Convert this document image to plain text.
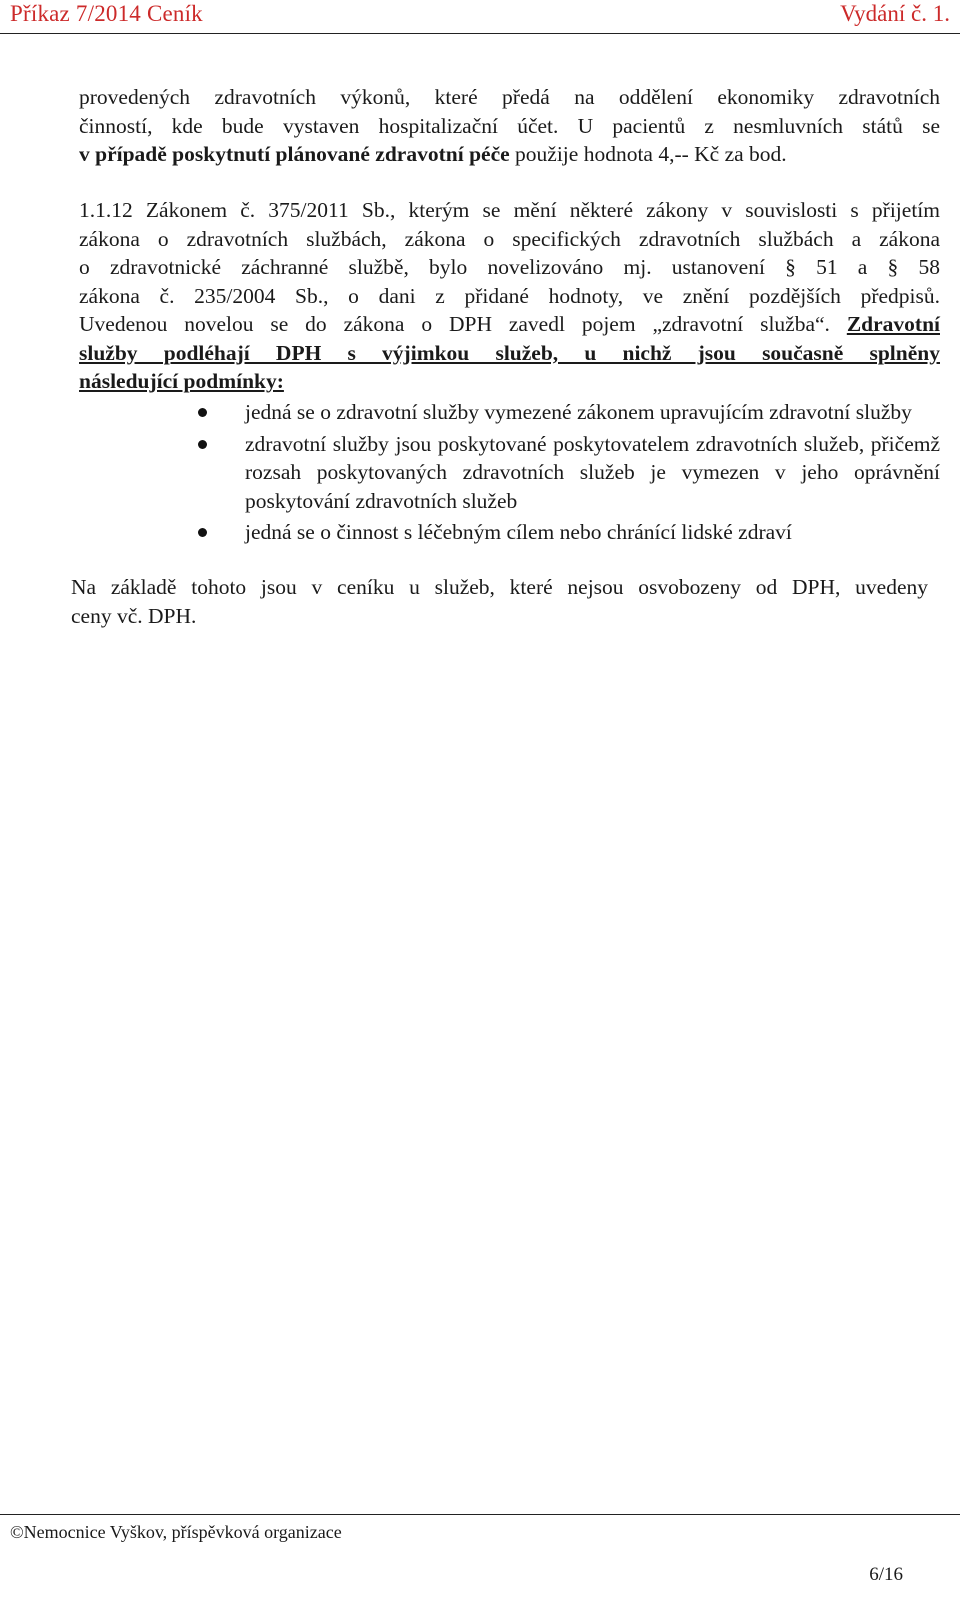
Příkaz 7/2014 Ceník	Vydání č. 1.
provedených zdravotních výkonů, které předá na oddělení ekonomiky zdravotních
činností, kde bude vystaven hospitalizační účet. U pacientů z nesmluvních států se
v případě poskytnutí plánované zdravotní péče použije hodnota 4,-- Kč za bod.
1.1.12 Zákonem č. 375/2011 Sb., kterým se mění některé zákony v souvislosti s přijetím
zákona o zdravotních službách, zákona o specifických zdravotních službách a zákona
o zdravotnické záchranné službě, bylo novelizováno mj. ustanovení § 51 a § 58
zákona č. 235/2004 Sb., o dani z přidané hodnoty, ve znění pozdějších předpisů.
Uvedenou novelou se do zákona o DPH zavedl pojem „zdravotní služba“. Zdravotní
služby podléhají DPH s výjimkou služeb, u nichž jsou současně splněny
následující podmínky:
jedná se o zdravotní služby vymezené zákonem upravujícím zdravotní služby
zdravotní služby jsou poskytované poskytovatelem zdravotních služeb, přičemž rozsah poskytovaných zdravotních služeb je vymezen v jeho oprávnění poskytování zdravotních služeb
jedná se o činnost s léčebným cílem nebo chránící lidské zdraví
Na základě tohoto jsou v ceníku u služeb, které nejsou osvobozeny od DPH, uvedeny
ceny vč. DPH.
©Nemocnice Vyškov, příspěvková organizace
6/16
